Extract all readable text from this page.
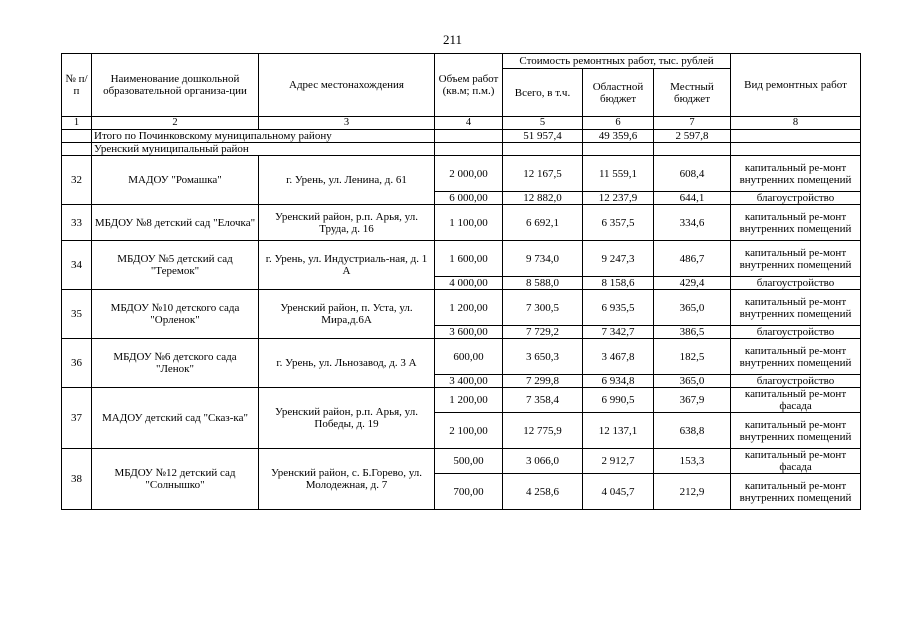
211
№ п/п	Наименование дошкольной образовательной организа-ции	Адрес местонахождения	Объем работ (кв.м; п.м.)	Стоимость ремонтных работ, тыс. рублей			Вид ремонтных работ
				Всего, в т.ч.	Областной бюджет	Местный бюджет	
1	2	3	4	5	6	7	8
	Итого по Починковскому муниципальному району			51 957,4	49 359,6	2 597,8	
	Уренский муниципальный район						
32	МАДОУ "Ромашка"	г. Урень, ул. Ленина, д. 61	2 000,00	12 167,5	11 559,1	608,4	капитальный ре-монт внутренних помещений
			6 000,00	12 882,0	12 237,9	644,1	благоустройство
33	МБДОУ №8 детский сад "Елочка"	Уренский район, р.п. Арья, ул. Труда, д. 16	1 100,00	6 692,1	6 357,5	334,6	капитальный ре-монт внутренних помещений
34	МБДОУ №5 детский сад "Теремок"	г. Урень, ул. Индустриаль-ная, д. 1 А	1 600,00	9 734,0	9 247,3	486,7	капитальный ре-монт внутренних помещений
			4 000,00	8 588,0	8 158,6	429,4	благоустройство
35	МБДОУ №10 детского сада "Орленок"	Уренский район, п. Уста, ул. Мира,д.6А	1 200,00	7 300,5	6 935,5	365,0	капитальный ре-монт внутренних помещений
			3 600,00	7 729,2	7 342,7	386,5	благоустройство
36	МБДОУ №6 детского сада "Ленок"	г. Урень, ул. Льнозавод, д. 3 А	600,00	3 650,3	3 467,8	182,5	капитальный ре-монт внутренних помещений
			3 400,00	7 299,8	6 934,8	365,0	благоустройство
37	МАДОУ детский сад "Сказ-ка"	Уренский район, р.п. Арья, ул. Победы, д. 19	1 200,00	7 358,4	6 990,5	367,9	капитальный ре-монт фасада
			2 100,00	12 775,9	12 137,1	638,8	капитальный ре-монт внутренних помещений
38	МБДОУ №12 детский сад "Солнышко"	Уренский район, с. Б.Горево, ул. Молодежная, д. 7	500,00	3 066,0	2 912,7	153,3	капитальный ре-монт фасада
			700,00	4 258,6	4 045,7	212,9	капитальный ре-монт внутренних помещений
